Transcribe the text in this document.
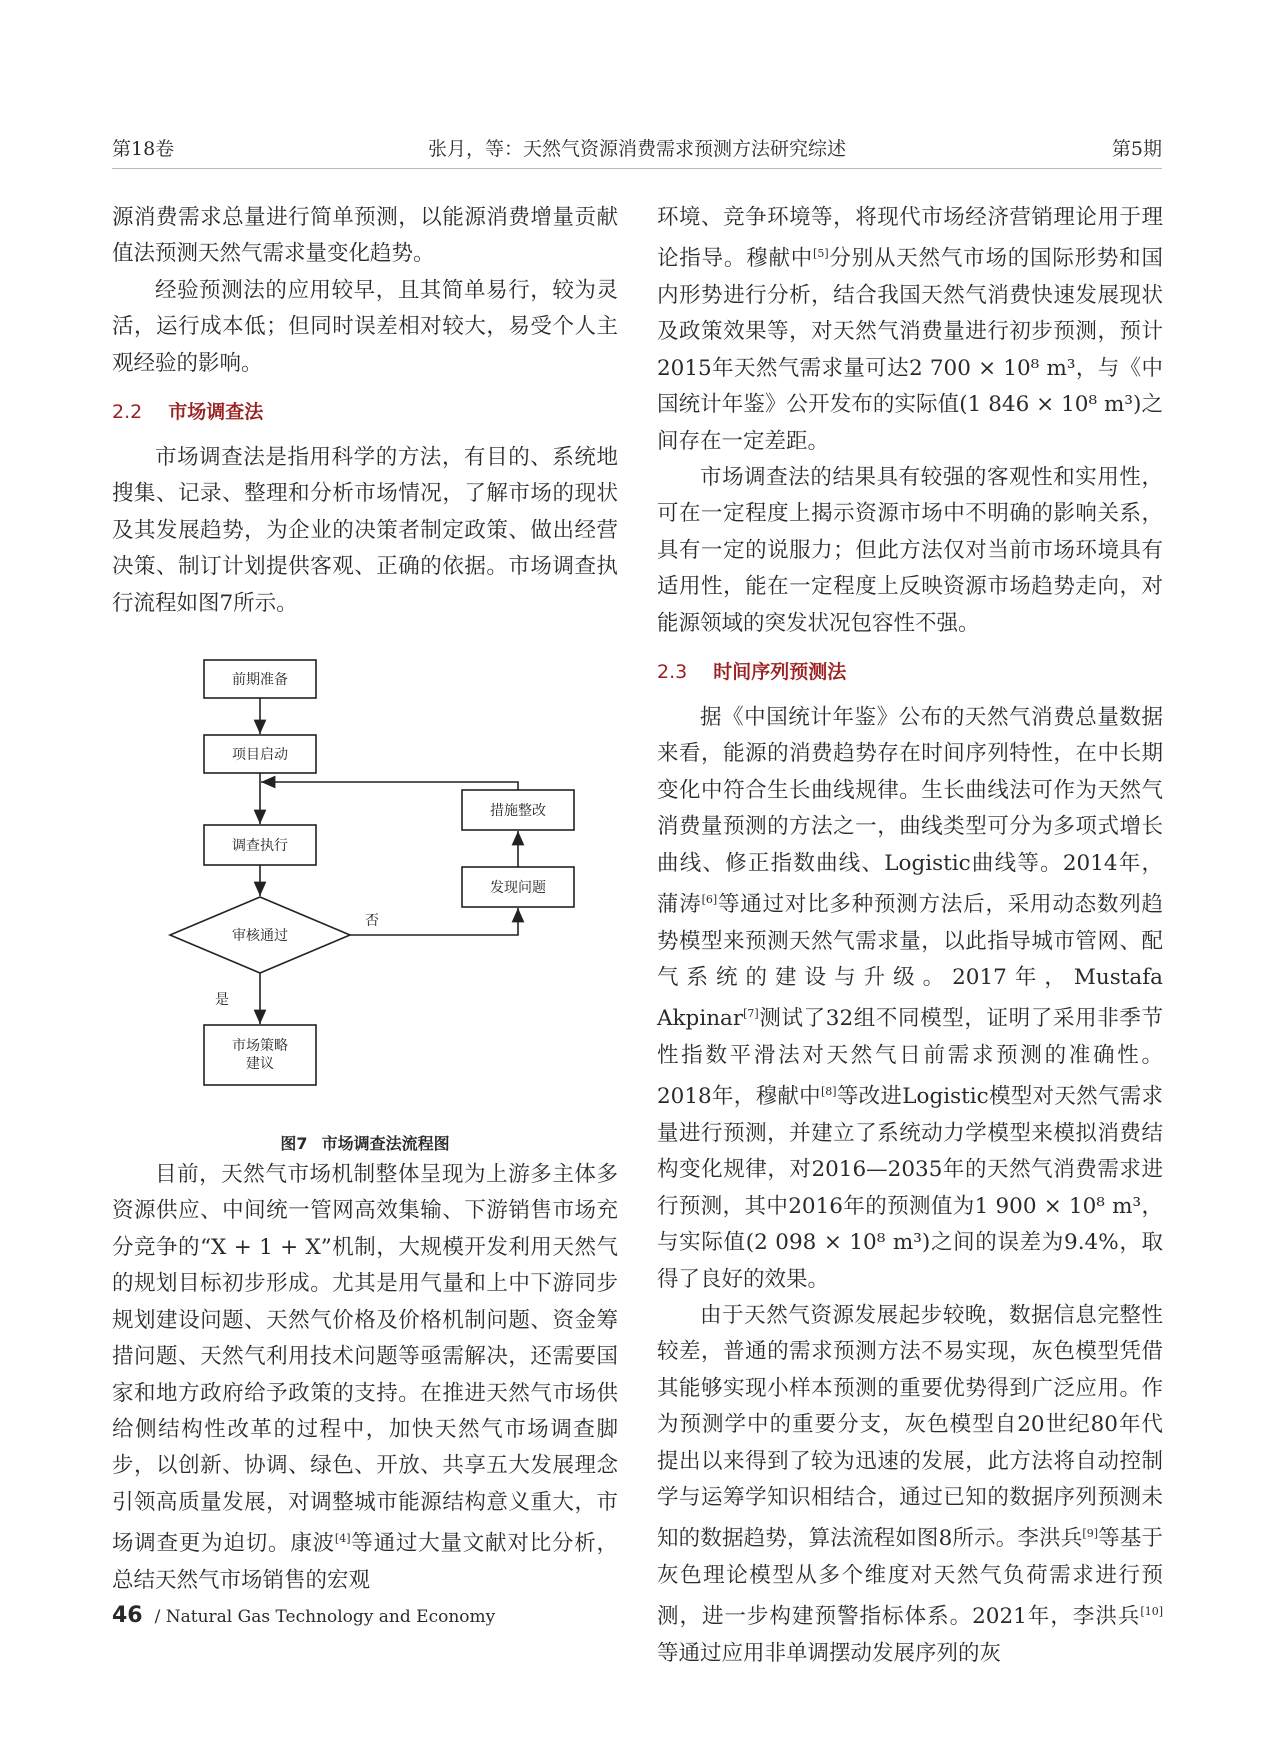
第18卷	张月，等：天然气资源消费需求预测方法研究综述	第5期

源消费需求总量进行简单预测，以能源消费增量贡献值法预测天然气需求量变化趋势。

经验预测法的应用较早，且其简单易行，较为灵活，运行成本低；但同时误差相对较大，易受个人主观经验的影响。

2.2 市场调查法

市场调查法是指用科学的方法，有目的、系统地搜集、记录、整理和分析市场情况，了解市场的现状及其发展趋势，为企业的决策者制定政策、做出经营决策、制订计划提供客观、正确的依据。市场调查执行流程如图7所示。

前期准备
项目启动
调查执行
审核通过
市场策略
建议
措施整改
发现问题
否
是
图7 市场调查法流程图

目前，天然气市场机制整体呈现为上游多主体多资源供应、中间统一管网高效集输、下游销售市场充分竞争的“X + 1 + X”机制，大规模开发利用天然气的规划目标初步形成。尤其是用气量和上中下游同步规划建设问题、天然气价格及价格机制问题、资金筹措问题、天然气利用技术问题等亟需解决，还需要国家和地方政府给予政策的支持。在推进天然气市场供给侧结构性改革的过程中，加快天然气市场调查脚步，以创新、协调、绿色、开放、共享五大发展理念引领高质量发展，对调整城市能源结构意义重大，市场调查更为迫切。康波[4]等通过大量文献对比分析，总结天然气市场销售的宏观

环境、竞争环境等，将现代市场经济营销理论用于理论指导。穆献中[5]分别从天然气市场的国际形势和国内形势进行分析，结合我国天然气消费快速发展现状及政策效果等，对天然气消费量进行初步预测，预计2015年天然气需求量可达2 700 × 10⁸ m³，与《中国统计年鉴》公开发布的实际值(1 846 × 10⁸ m³)之间存在一定差距。

市场调查法的结果具有较强的客观性和实用性，可在一定程度上揭示资源市场中不明确的影响关系，具有一定的说服力；但此方法仅对当前市场环境具有适用性，能在一定程度上反映资源市场趋势走向，对能源领域的突发状况包容性不强。

2.3 时间序列预测法

据《中国统计年鉴》公布的天然气消费总量数据来看，能源的消费趋势存在时间序列特性，在中长期变化中符合生长曲线规律。生长曲线法可作为天然气消费量预测的方法之一，曲线类型可分为多项式增长曲线、修正指数曲线、Logistic曲线等。2014年，蒲涛[6]等通过对比多种预测方法后，采用动态数列趋势模型来预测天然气需求量，以此指导城市管网、配气系统的建设与升级。2017年，Mustafa Akpinar[7]测试了32组不同模型，证明了采用非季节性指数平滑法对天然气日前需求预测的准确性。2018年，穆献中[8]等改进Logistic模型对天然气需求量进行预测，并建立了系统动力学模型来模拟消费结构变化规律，对2016—2035年的天然气消费需求进行预测，其中2016年的预测值为1 900 × 10⁸ m³，与实际值(2 098 × 10⁸ m³)之间的误差为9.4%，取得了良好的效果。

由于天然气资源发展起步较晚，数据信息完整性较差，普通的需求预测方法不易实现，灰色模型凭借其能够实现小样本预测的重要优势得到广泛应用。作为预测学中的重要分支，灰色模型自20世纪80年代提出以来得到了较为迅速的发展，此方法将自动控制学与运筹学知识相结合，通过已知的数据序列预测未知的数据趋势，算法流程如图8所示。李洪兵[9]等基于灰色理论模型从多个维度对天然气负荷需求进行预测，进一步构建预警指标体系。2021年，李洪兵[10]等通过应用非单调摆动发展序列的灰

46 / Natural Gas Technology and Economy
